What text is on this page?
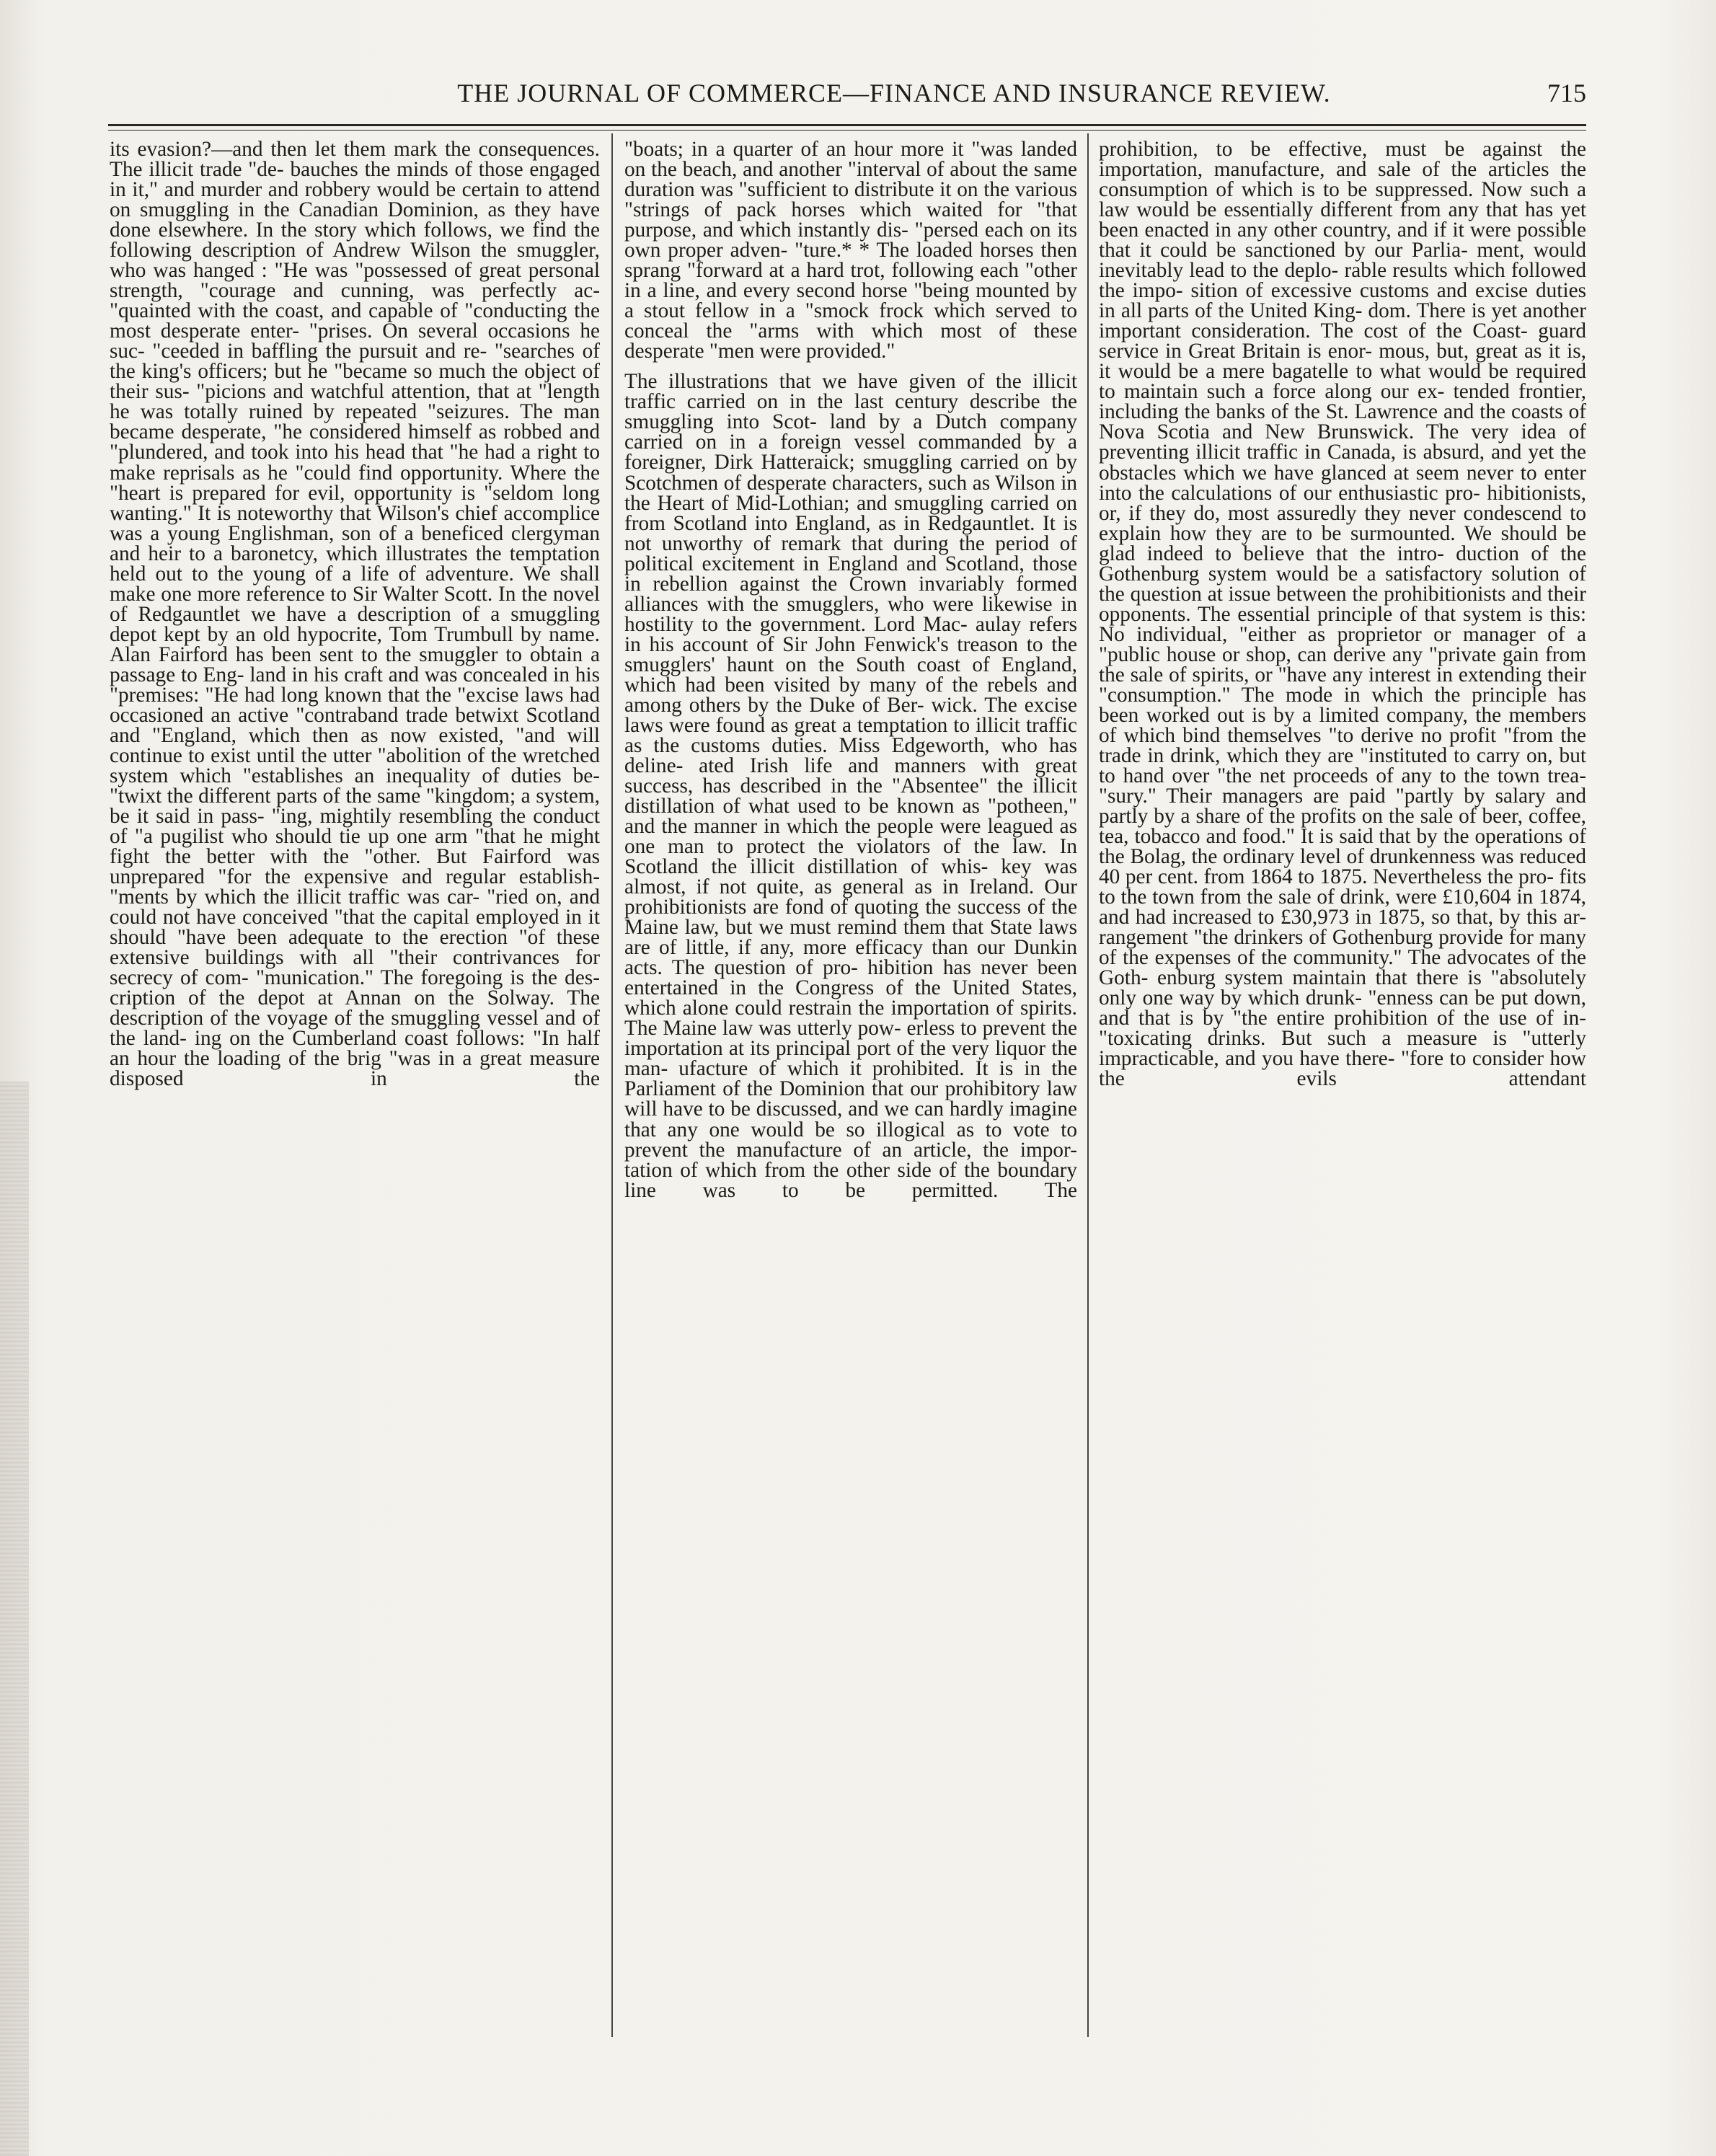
THE JOURNAL OF COMMERCE—FINANCE AND INSURANCE REVIEW.	715

its evasion?—and then let them mark the consequences. The illicit trade "de- bauches the minds of those engaged in it," and murder and robbery would be certain to attend on smuggling in the Canadian Dominion, as they have done elsewhere. In the story which follows, we find the following description of Andrew Wilson the smuggler, who was hanged : "He was "possessed of great personal strength, "courage and cunning, was perfectly ac- "quainted with the coast, and capable of "conducting the most desperate enter- "prises. On several occasions he suc- "ceeded in baffling the pursuit and re- "searches of the king's officers; but he "became so much the object of their sus- "picions and watchful attention, that at "length he was totally ruined by repeated "seizures. The man became desperate, "he considered himself as robbed and "plundered, and took into his head that "he had a right to make reprisals as he "could find opportunity. Where the "heart is prepared for evil, opportunity is "seldom long wanting." It is noteworthy that Wilson's chief accomplice was a young Englishman, son of a beneficed clergyman and heir to a baronetcy, which illustrates the temptation held out to the young of a life of adventure. We shall make one more reference to Sir Walter Scott. In the novel of Redgauntlet we have a description of a smuggling depot kept by an old hypocrite, Tom Trumbull by name. Alan Fairford has been sent to the smuggler to obtain a passage to Eng- land in his craft and was concealed in his "premises: "He had long known that the "excise laws had occasioned an active "contraband trade betwixt Scotland and "England, which then as now existed, "and will continue to exist until the utter "abolition of the wretched system which "establishes an inequality of duties be- "twixt the different parts of the same "kingdom; a system, be it said in pass- "ing, mightily resembling the conduct of "a pugilist who should tie up one arm "that he might fight the better with the "other. But Fairford was unprepared "for the expensive and regular establish- "ments by which the illicit traffic was car- "ried on, and could not have conceived "that the capital employed in it should "have been adequate to the erection "of these extensive buildings with all "their contrivances for secrecy of com- "munication." The foregoing is the des- cription of the depot at Annan on the Solway. The description of the voyage of the smuggling vessel and of the land- ing on the Cumberland coast follows: "In half an hour the loading of the brig "was in a great measure disposed in the

"boats; in a quarter of an hour more it "was landed on the beach, and another "interval of about the same duration was "sufficient to distribute it on the various "strings of pack horses which waited for "that purpose, and which instantly dis- "persed each on its own proper adven- "ture.* * The loaded horses then sprang "forward at a hard trot, following each "other in a line, and every second horse "being mounted by a stout fellow in a "smock frock which served to conceal the "arms with which most of these desperate "men were provided."

The illustrations that we have given of the illicit traffic carried on in the last century describe the smuggling into Scot- land by a Dutch company carried on in a foreign vessel commanded by a foreigner, Dirk Hatteraick; smuggling carried on by Scotchmen of desperate characters, such as Wilson in the Heart of Mid-Lothian; and smuggling carried on from Scotland into England, as in Redgauntlet. It is not unworthy of remark that during the period of political excitement in England and Scotland, those in rebellion against the Crown invariably formed alliances with the smugglers, who were likewise in hostility to the government. Lord Mac- aulay refers in his account of Sir John Fenwick's treason to the smugglers' haunt on the South coast of England, which had been visited by many of the rebels and among others by the Duke of Ber- wick. The excise laws were found as great a temptation to illicit traffic as the customs duties. Miss Edgeworth, who has deline- ated Irish life and manners with great success, has described in the "Absentee" the illicit distillation of what used to be known as "potheen," and the manner in which the people were leagued as one man to protect the violators of the law. In Scotland the illicit distillation of whis- key was almost, if not quite, as general as in Ireland. Our prohibitionists are fond of quoting the success of the Maine law, but we must remind them that State laws are of little, if any, more efficacy than our Dunkin acts. The question of pro- hibition has never been entertained in the Congress of the United States, which alone could restrain the importation of spirits. The Maine law was utterly pow- erless to prevent the importation at its principal port of the very liquor the man- ufacture of which it prohibited. It is in the Parliament of the Dominion that our prohibitory law will have to be discussed, and we can hardly imagine that any one would be so illogical as to vote to prevent the manufacture of an article, the impor- tation of which from the other side of the boundary line was to be permitted. The

prohibition, to be effective, must be against the importation, manufacture, and sale of the articles the consumption of which is to be suppressed. Now such a law would be essentially different from any that has yet been enacted in any other country, and if it were possible that it could be sanctioned by our Parlia- ment, would inevitably lead to the deplo- rable results which followed the impo- sition of excessive customs and excise duties in all parts of the United King- dom. There is yet another important consideration. The cost of the Coast- guard service in Great Britain is enor- mous, but, great as it is, it would be a mere bagatelle to what would be required to maintain such a force along our ex- tended frontier, including the banks of the St. Lawrence and the coasts of Nova Scotia and New Brunswick. The very idea of preventing illicit traffic in Canada, is absurd, and yet the obstacles which we have glanced at seem never to enter into the calculations of our enthusiastic pro- hibitionists, or, if they do, most assuredly they never condescend to explain how they are to be surmounted. We should be glad indeed to believe that the intro- duction of the Gothenburg system would be a satisfactory solution of the question at issue between the prohibitionists and their opponents. The essential principle of that system is this: No individual, "either as proprietor or manager of a "public house or shop, can derive any "private gain from the sale of spirits, or "have any interest in extending their "consumption." The mode in which the principle has been worked out is by a limited company, the members of which bind themselves "to derive no profit "from the trade in drink, which they are "instituted to carry on, but to hand over "the net proceeds of any to the town trea- "sury." Their managers are paid "partly by salary and partly by a share of the profits on the sale of beer, coffee, tea, tobacco and food." It is said that by the operations of the Bolag, the ordinary level of drunkenness was reduced 40 per cent. from 1864 to 1875. Nevertheless the pro- fits to the town from the sale of drink, were £10,604 in 1874, and had increased to £30,973 in 1875, so that, by this ar- rangement "the drinkers of Gothenburg provide for many of the expenses of the community." The advocates of the Goth- enburg system maintain that there is "absolutely only one way by which drunk- "enness can be put down, and that is by "the entire prohibition of the use of in- "toxicating drinks. But such a measure is "utterly impracticable, and you have there- "fore to consider how the evils attendant
